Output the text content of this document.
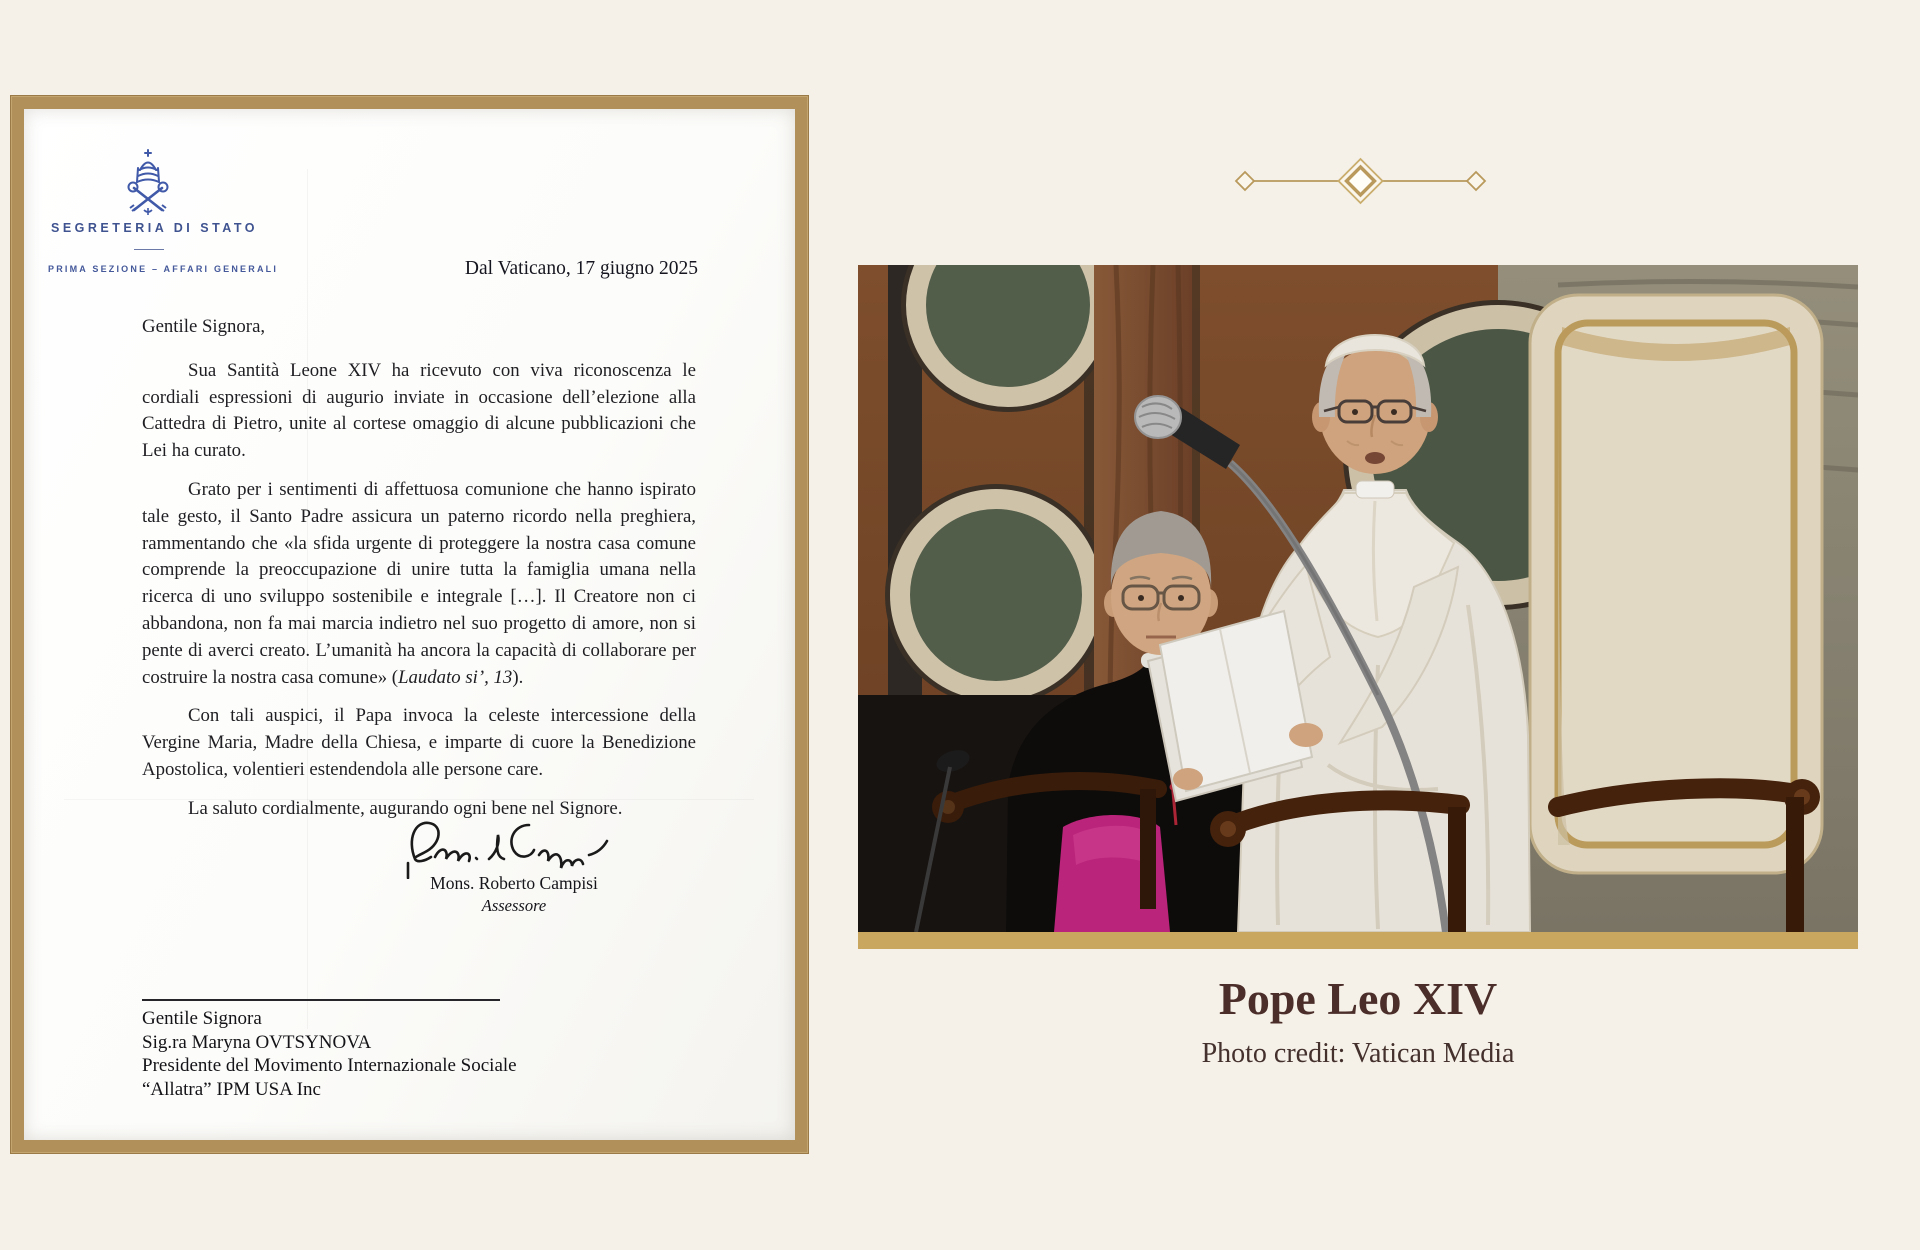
SEGRETERIA DI STATO
PRIMA SEZIONE – AFFARI GENERALI	Dal Vaticano, 17 giugno 2025

Gentile Signora,

Sua Santità Leone XIV ha ricevuto con viva riconoscenza le cordiali espressioni di augurio inviate in occasione dell’elezione alla Cattedra di Pietro, unite al cortese omaggio di alcune pubblicazioni che Lei ha curato.

Grato per i sentimenti di affettuosa comunione che hanno ispirato tale gesto, il Santo Padre assicura un paterno ricordo nella preghiera, rammentando che «la sfida urgente di proteggere la nostra casa comune comprende la preoccupazione di unire tutta la famiglia umana nella ricerca di uno sviluppo sostenibile e integrale […]. Il Creatore non ci abbandona, non fa mai marcia indietro nel suo progetto di amore, non si pente di averci creato. L’umanità ha ancora la capacità di collaborare per costruire la nostra casa comune» (Laudato si’, 13).

Con tali auspici, il Papa invoca la celeste intercessione della Vergine Maria, Madre della Chiesa, e imparte di cuore la Benedizione Apostolica, volentieri estendendola alle persone care.

La saluto cordialmente, augurando ogni bene nel Signore.

Mons. Roberto Campisi
Assessore
Gentile Signora
Sig.ra Maryna OVTSYNOVA
Presidente del Movimento Internazionale Sociale
“Allatra” IPM USA Inc
Pope Leo XIV
Photo credit: Vatican Media
